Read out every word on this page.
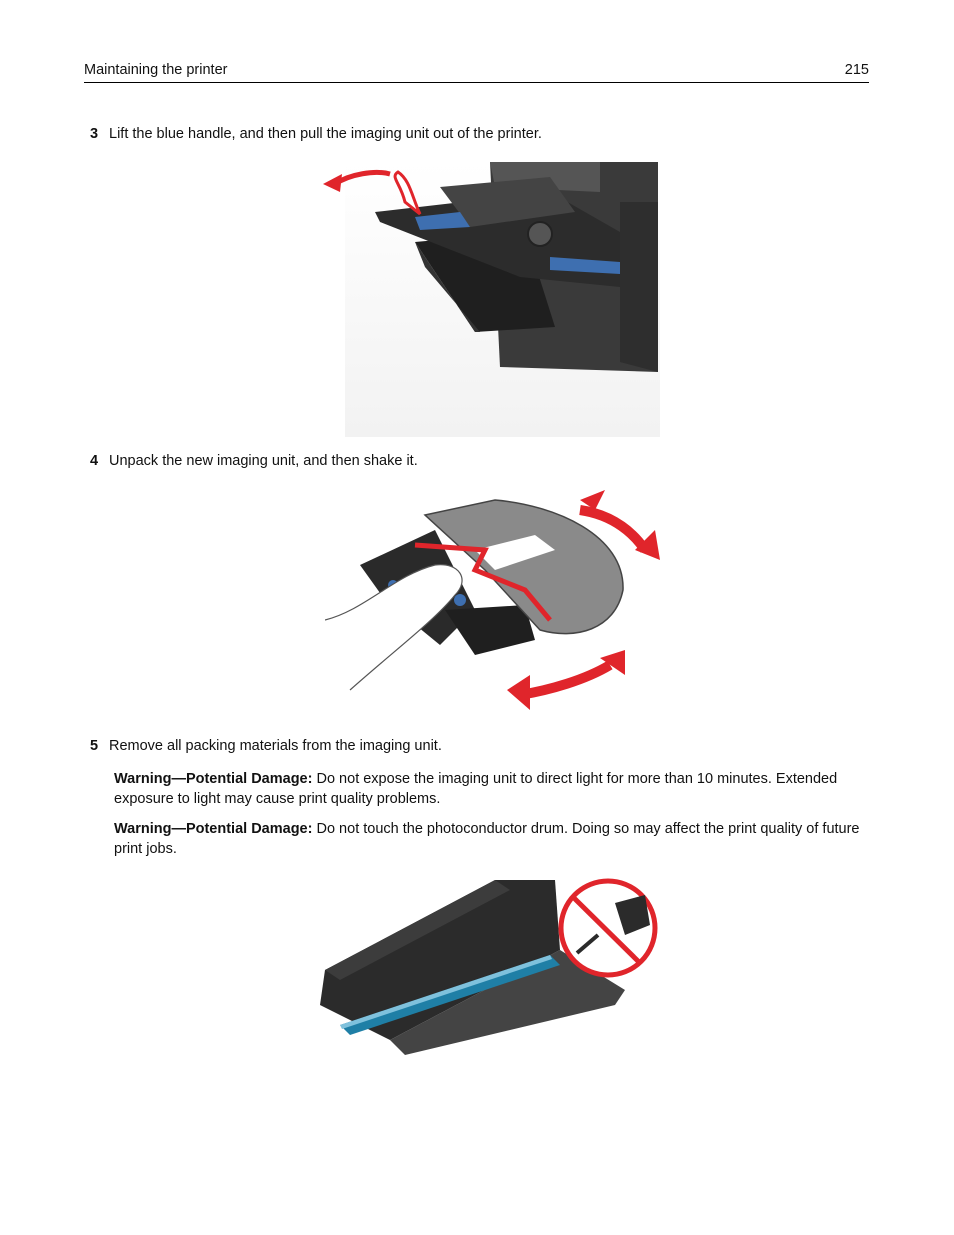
Maintaining the printer	215
3 Lift the blue handle, and then pull the imaging unit out of the printer.
4 Unpack the new imaging unit, and then shake it.
5 Remove all packing materials from the imaging unit.
Warning—Potential Damage: Do not expose the imaging unit to direct light for more than 10 minutes. Extended exposure to light may cause print quality problems.
Warning—Potential Damage: Do not touch the photoconductor drum. Doing so may affect the print quality of future print jobs.
